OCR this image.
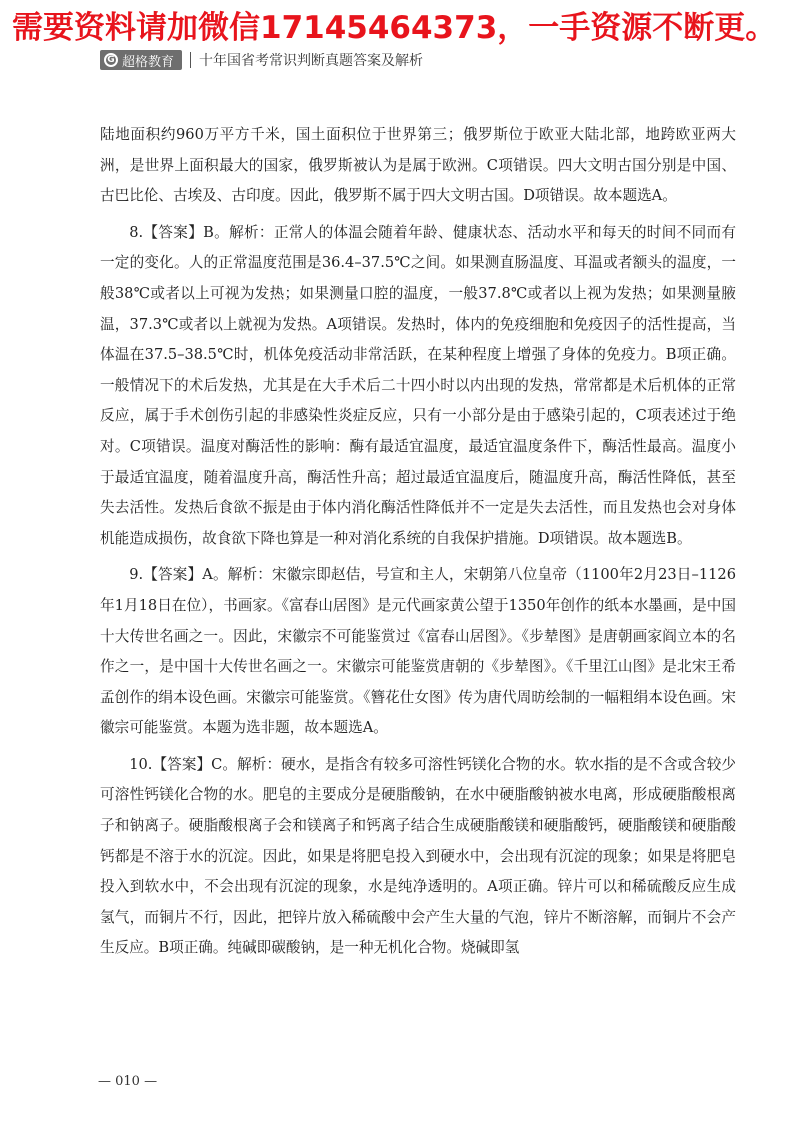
需要资料请加微信17145464373，一手资源不断更。
G 超格教育 十年国省考常识判断真题答案及解析

陆地面积约960万平方千米，国土面积位于世界第三；俄罗斯位于欧亚大陆北部，地跨欧亚两大洲，是世界上面积最大的国家，俄罗斯被认为是属于欧洲。C项错误。四大文明古国分别是中国、古巴比伦、古埃及、古印度。因此，俄罗斯不属于四大文明古国。D项错误。故本题选A。

8.【答案】B。解析：正常人的体温会随着年龄、健康状态、活动水平和每天的时间不同而有一定的变化。人的正常温度范围是36.4–37.5℃之间。如果测直肠温度、耳温或者额头的温度，一般38℃或者以上可视为发热；如果测量口腔的温度，一般37.8℃或者以上视为发热；如果测量腋温，37.3℃或者以上就视为发热。A项错误。发热时，体内的免疫细胞和免疫因子的活性提高，当体温在37.5–38.5℃时，机体免疫活动非常活跃，在某种程度上增强了身体的免疫力。B项正确。一般情况下的术后发热，尤其是在大手术后二十四小时以内出现的发热，常常都是术后机体的正常反应，属于手术创伤引起的非感染性炎症反应，只有一小部分是由于感染引起的，C项表述过于绝对。C项错误。温度对酶活性的影响：酶有最适宜温度，最适宜温度条件下，酶活性最高。温度小于最适宜温度，随着温度升高，酶活性升高；超过最适宜温度后，随温度升高，酶活性降低，甚至失去活性。发热后食欲不振是由于体内消化酶活性降低并不一定是失去活性，而且发热也会对身体机能造成损伤，故食欲下降也算是一种对消化系统的自我保护措施。D项错误。故本题选B。

9.【答案】A。解析：宋徽宗即赵佶，号宣和主人，宋朝第八位皇帝（1100年2月23日–1126年1月18日在位），书画家。《富春山居图》是元代画家黄公望于1350年创作的纸本水墨画，是中国十大传世名画之一。因此，宋徽宗不可能鉴赏过《富春山居图》。《步辇图》是唐朝画家阎立本的名作之一，是中国十大传世名画之一。宋徽宗可能鉴赏唐朝的《步辇图》。《千里江山图》是北宋王希孟创作的绢本设色画。宋徽宗可能鉴赏。《簪花仕女图》传为唐代周昉绘制的一幅粗绢本设色画。宋徽宗可能鉴赏。本题为选非题，故本题选A。

10.【答案】C。解析：硬水，是指含有较多可溶性钙镁化合物的水。软水指的是不含或含较少可溶性钙镁化合物的水。肥皂的主要成分是硬脂酸钠，在水中硬脂酸钠被水电离，形成硬脂酸根离子和钠离子。硬脂酸根离子会和镁离子和钙离子结合生成硬脂酸镁和硬脂酸钙，硬脂酸镁和硬脂酸钙都是不溶于水的沉淀。因此，如果是将肥皂投入到硬水中，会出现有沉淀的现象；如果是将肥皂投入到软水中，不会出现有沉淀的现象，水是纯净透明的。A项正确。锌片可以和稀硫酸反应生成氢气，而铜片不行，因此，把锌片放入稀硫酸中会产生大量的气泡，锌片不断溶解，而铜片不会产生反应。B项正确。纯碱即碳酸钠，是一种无机化合物。烧碱即氢

— 010 —
